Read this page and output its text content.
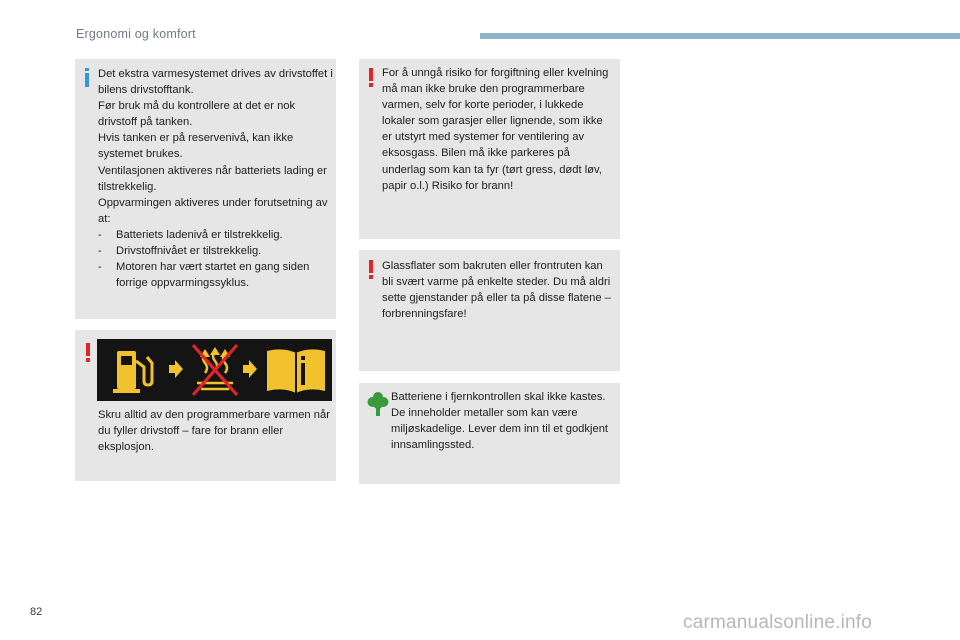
Ergonomi og komfort

Det ekstra varmesystemet drives av drivstoffet i bilens drivstofftank.

Før bruk må du kontrollere at det er nok drivstoff på tanken.

Hvis tanken er på reservenivå, kan ikke systemet brukes.

Ventilasjonen aktiveres når batteriets lading er tilstrekkelig.

Oppvarmingen aktiveres under forutsetning av at:

- Batteriets ladenivå er tilstrekkelig.
- Drivstoffnivået er tilstrekkelig.
- Motoren har vært startet en gang siden forrige oppvarmingssyklus.
Skru alltid av den programmerbare varmen når du fyller drivstoff – fare for brann eller eksplosjon.
For å unngå risiko for forgiftning eller kvelning må man ikke bruke den programmerbare varmen, selv for korte perioder, i lukkede lokaler som garasjer eller lignende, som ikke er utstyrt med systemer for ventilering av eksosgass. Bilen må ikke parkeres på underlag som kan ta fyr (tørt gress, dødt løv, papir o.l.) Risiko for brann!
Glassflater som bakruten eller frontruten kan bli svært varme på enkelte steder. Du må aldri sette gjenstander på eller ta på disse flatene – forbrenningsfare!
Batteriene i fjernkontrollen skal ikke kastes. De inneholder metaller som kan være miljøskadelige. Lever dem inn til et godkjent innsamlingssted.
82	carmanualsonline.info
